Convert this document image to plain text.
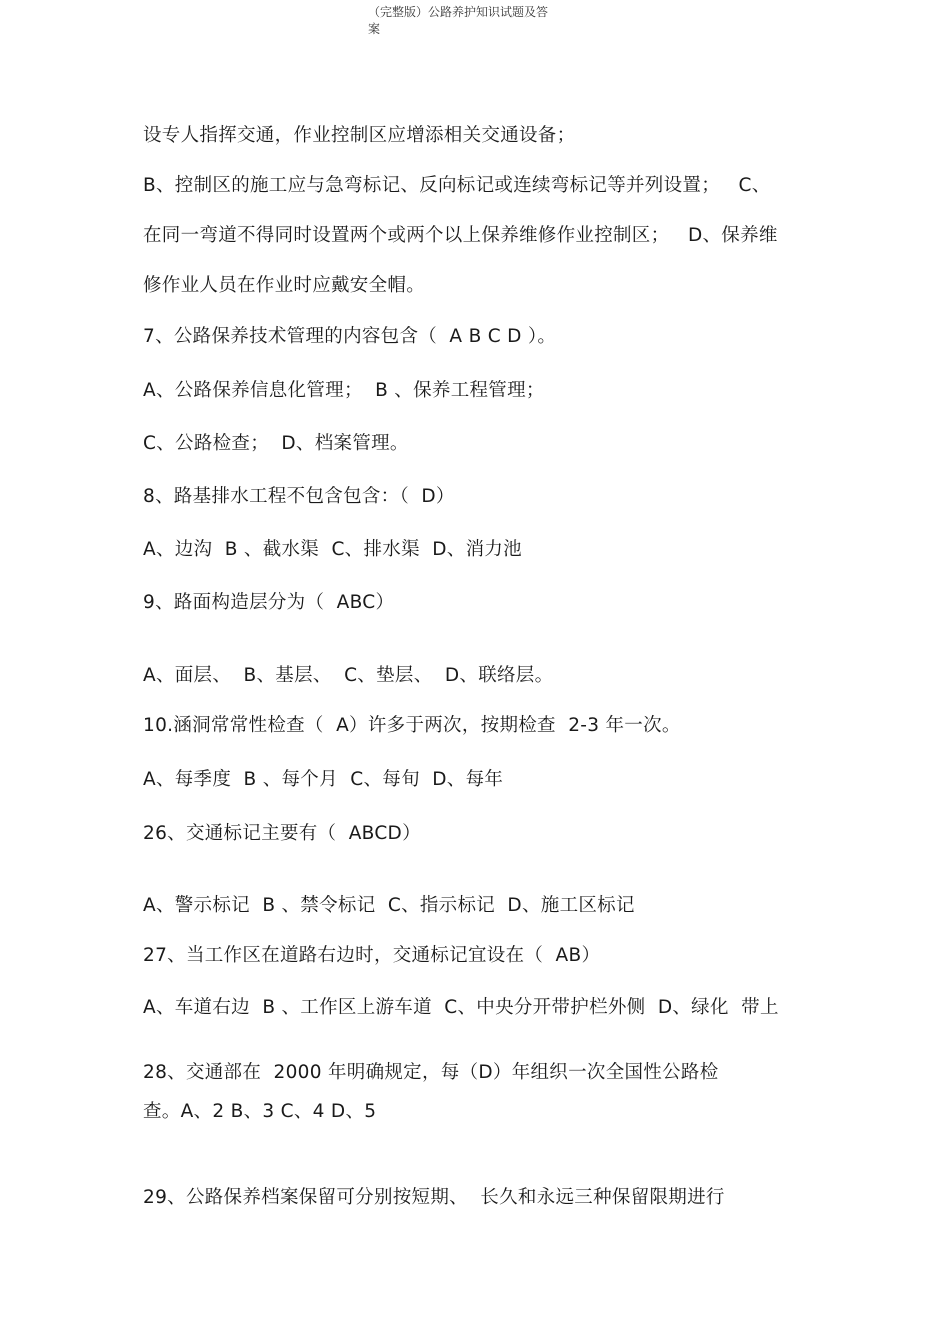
（完整版）公路养护知识试题及答
案
设专人指挥交通，作业控制区应增添相关交通设备；
B、控制区的施工应与急弯标记、反向标记或连续弯标记等并列设置；   C、
在同一弯道不得同时设置两个或两个以上保养维修作业控制区；   D、保养维
修作业人员在作业时应戴安全帽。
7、公路保养技术管理的内容包含（  A B C D ）。
A、公路保养信息化管理；  B 、保养工程管理；
C、公路检查；  D、档案管理。
8、路基排水工程不包含包含：（  D）
A、边沟  B 、截水渠  C、排水渠  D、消力池
9、路面构造层分为（  ABC）
A、面层、  B、基层、  C、垫层、  D、联络层。
10.涵洞常常性检查（  A）许多于两次，按期检查  2-3 年一次。
A、每季度  B 、每个月  C、每旬  D、每年
26、交通标记主要有（  ABCD）
A、警示标记  B 、禁令标记  C、指示标记  D、施工区标记
27、当工作区在道路右边时，交通标记宜设在（  AB）
A、车道右边  B 、工作区上游车道  C、中央分开带护栏外侧  D、绿化  带上
28、交通部在  2000 年明确规定，每（D）年组织一次全国性公路检
查。A、2 B、3 C、4 D、5
29、公路保养档案保留可分别按短期、  长久和永远三种保留限期进行
